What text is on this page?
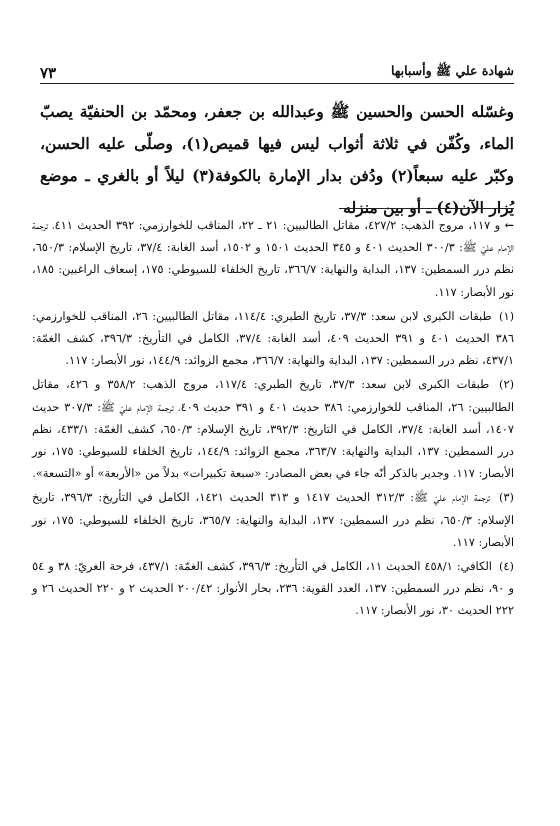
شهادة علي ﷺ وأسبابها
٧٣

وغسّله الحسن والحسين ﷺ وعبدالله بن جعفر، ومحمّد بن الحنفيّة يصبّ الماء، وكُفّن في ثلاثة أثواب ليس فيها قميص(١)، وصلّى عليه الحسن، وكبّر عليه سبعاً(٢) ودُفن بدار الإمارة بالكوفة(٣) ليلاً أو بالغري ـ موضع يُزار الآن(٤) ـ أو بين منزله

← و ١١٧، مروج الذهب: ٤٢٧/٢، مقاتل الطالبيين: ٢١ ـ ٢٢، المناقب للخوارزمي: ٣٩٢ الحديث ٤١١، ترجمة الإمام عليّ ﷺ: ٣٠٠/٣ الحديث ٤٠١ و ٣٤٥ الحديث ١٥٠١ و ١٥٠٢، أسد الغابة: ٣٧/٤، تاريخ الإسلام: ٦٥٠/٣، نظم درر السمطين: ١٣٧، البداية والنهاية: ٣٦٦/٧، تاريخ الخلفاء للسيوطي: ١٧٥، إسعاف الراغبين: ١٨٥، نور الأبصار: ١١٧.

(١) طبقات الكبرى لابن سعد: ٣٧/٣، تاريخ الطبري: ١١٤/٤، مقاتل الطالبيين: ٢٦، المناقب للخوارزمي: ٣٨٦ الحديث ٤٠١ و ٣٩١ الحديث ٤٠٩، أسد الغابة: ٣٧/٤، الكامل في التأريخ: ٣٩٦/٣، كشف الغمّة: ٤٣٧/١، نظم درر السمطين: ١٣٧، البداية والنهاية: ٣٦٦/٧، مجمع الزوائد: ١٤٤/٩، نور الأبصار: ١١٧.

(٢) طبقات الكبرى لابن سعد: ٣٧/٣، تاريخ الطبري: ١١٧/٤، مروج الذهب: ٣٥٨/٢ و ٤٢٦، مقاتل الطالبيين: ٢٦، المناقب للخوارزمي: ٣٨٦ حديث ٤٠١ و ٣٩١ حديث ٤٠٩، ترجمة الإمام عليّ ﷺ: ٣٠٧/٣ حديث ١٤٠٧، أسد الغابة: ٣٧/٤، الكامل في التاريخ: ٣٩٢/٣، تاريخ الإسلام: ٦٥٠/٣، كشف الغمّة: ٤٣٣/١، نظم درر السمطين: ١٣٧، البداية والنهاية: ٣٦٣/٧، مجمع الزوائد: ١٤٤/٩، تاريخ الخلفاء للسيوطي: ١٧٥، نور الأبصار: ١١٧. وجدير بالذكر أنّه جاء في بعض المصادر: «سبعة تكبيرات» بدلاً من «الأربعة» أو «التسعة».

(٣) ترجمة الإمام عليّ ﷺ: ٣١٢/٣ الحديث ١٤١٧ و ٣١٣ الحديث ١٤٢١، الكامل في التأريخ: ٣٩٦/٣، تاريخ الإسلام: ٦٥٠/٣، نظم درر السمطين: ١٣٧، البداية والنهاية: ٣٦٥/٧، تاريخ الخلفاء للسيوطي: ١٧٥، نور الأبصار: ١١٧.

(٤) الكافي: ٤٥٨/١ الحديث ١١، الكامل في التأريخ: ٣٩٦/٣، كشف الغمّة: ٤٣٧/١، فرحة الغريّ: ٣٨ و ٥٤ و ٩٠، نظم درر السمطين: ١٣٧، العدد القوية: ٢٣٦، بحار الأنوار: ٢٠٠/٤٢ الحديث ٢ و ٢٢٠ الحديث ٢٦ و ٢٢٢ الحديث ٣٠، نور الأبصار: ١١٧.
